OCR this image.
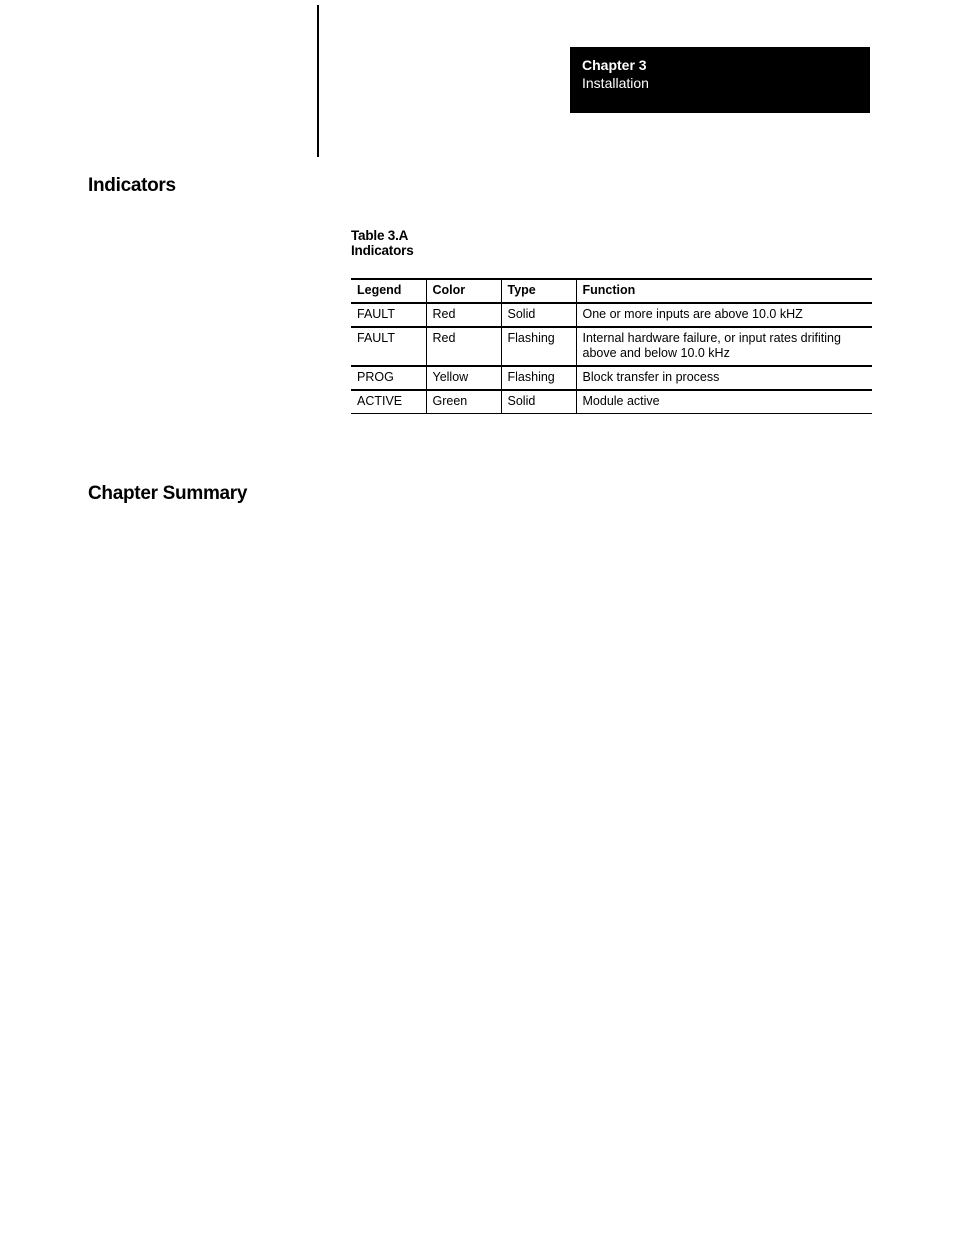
Chapter 3
Installation
Indicators
Table 3.A
Indicators
Legend	Color	Type	Function
FAULT	Red	Solid	One or more inputs are above 10.0 kHZ
FAULT	Red	Flashing	Internal hardware failure, or input rates drifiting above and below 10.0 kHz
PROG	Yellow	Flashing	Block transfer in process
ACTIVE	Green	Solid	Module active
Chapter Summary
